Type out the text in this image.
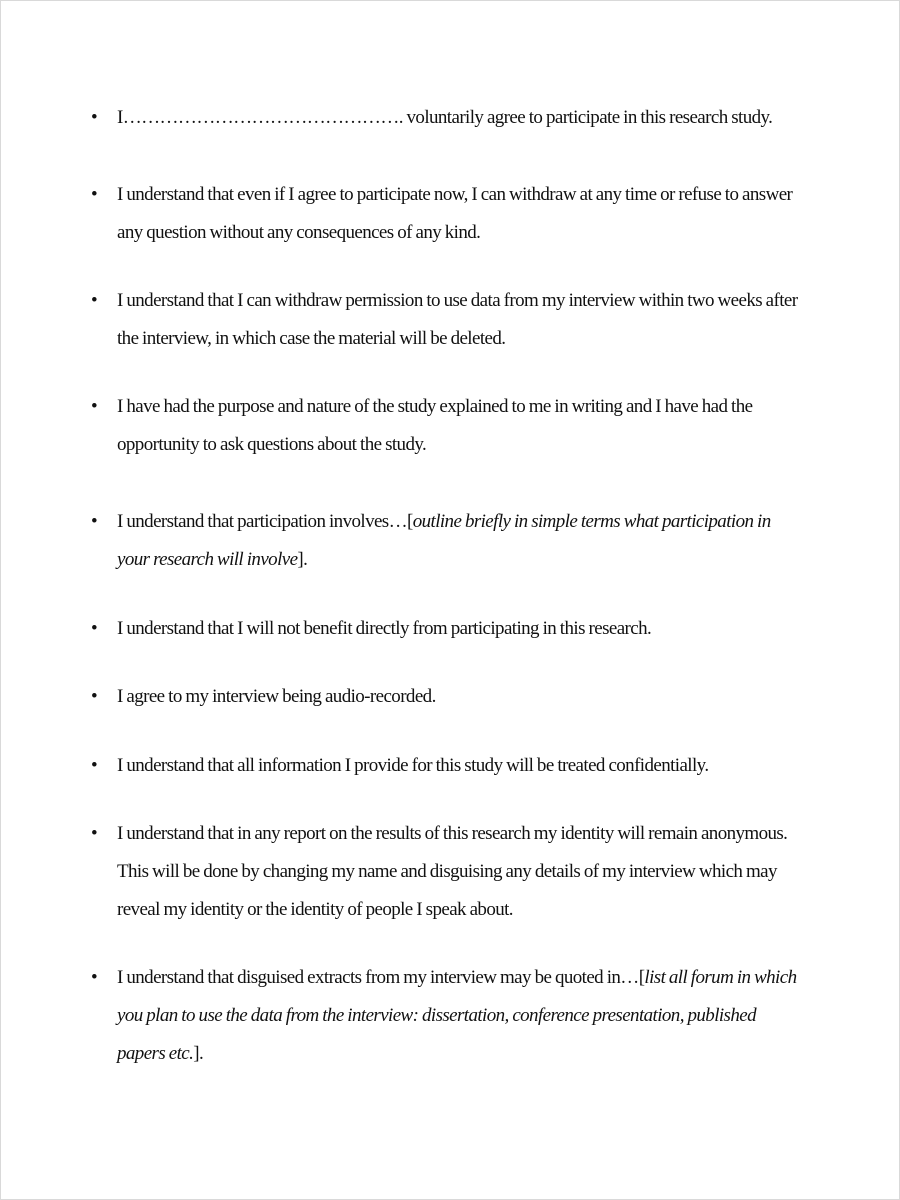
• I………………………………………. voluntarily agree to participate in this research study.
• I understand that even if I agree to participate now, I can withdraw at any time or refuse to answer
any question without any consequences of any kind.
• I understand that I can withdraw permission to use data from my interview within two weeks after
the interview, in which case the material will be deleted.
• I have had the purpose and nature of the study explained to me in writing and I have had the
opportunity to ask questions about the study.
• I understand that participation involves…[outline briefly in simple terms what participation in
your research will involve].
• I understand that I will not benefit directly from participating in this research.
• I agree to my interview being audio-recorded.
• I understand that all information I provide for this study will be treated confidentially.
• I understand that in any report on the results of this research my identity will remain anonymous.
This will be done by changing my name and disguising any details of my interview which may
reveal my identity or the identity of people I speak about.
• I understand that disguised extracts from my interview may be quoted in…[list all forum in which
you plan to use the data from the interview: dissertation, conference presentation, published
papers etc.].
